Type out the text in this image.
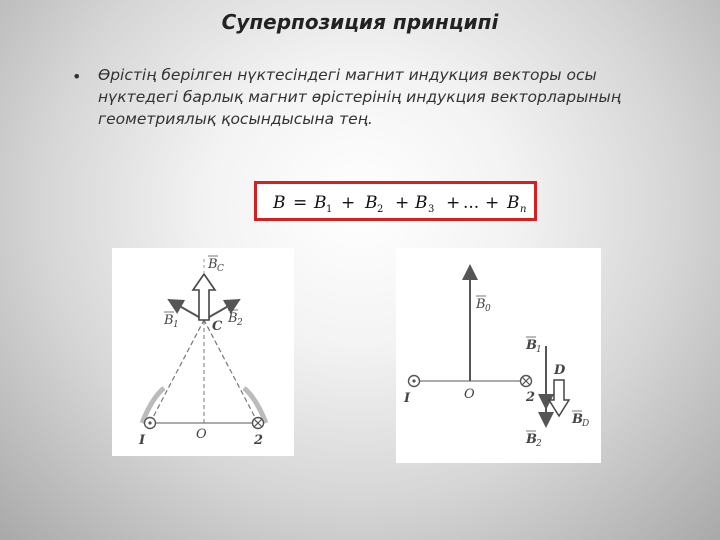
Суперпозиция принципі
• Өрістің берілген нүктесіндегі магнит индукция векторы осы нүктедегі барлық магнит өрістерінің индукция векторларының геометриялық қосындысына тең.
B = B 1 + B 2 + B 3 + ... + B n
B C
B 1	C
B 2
I	O	2
B 0
B 1
D
I	O	2
B D
B 2
